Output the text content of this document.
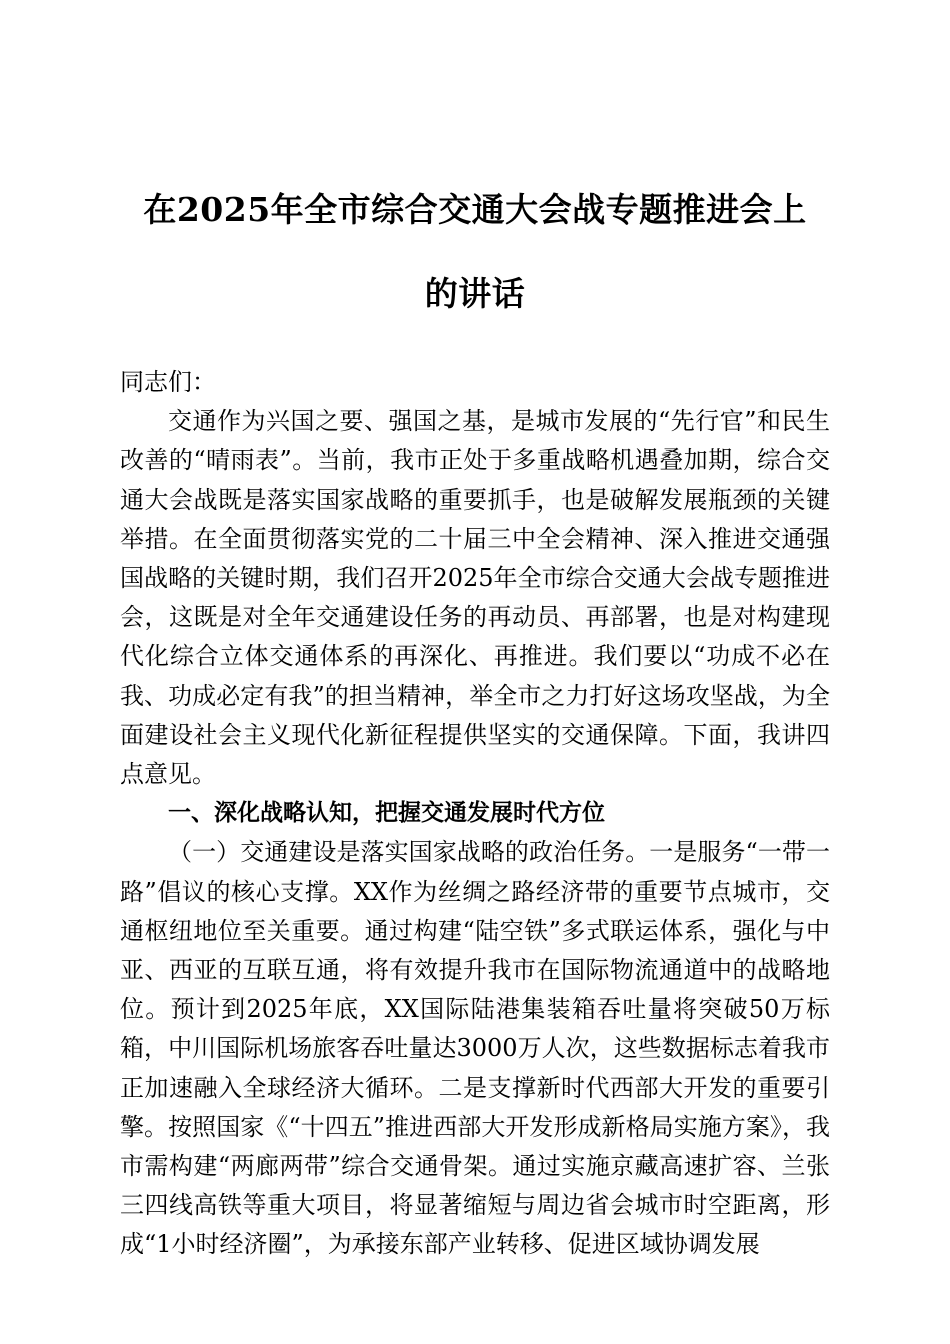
在2025年全市综合交通大会战专题推进会上
的讲话

同志们：

交通作为兴国之要、强国之基，是城市发展的“先行官”和民生改善的“晴雨表”。当前，我市正处于多重战略机遇叠加期，综合交通大会战既是落实国家战略的重要抓手，也是破解发展瓶颈的关键举措。在全面贯彻落实党的二十届三中全会精神、深入推进交通强国战略的关键时期，我们召开2025年全市综合交通大会战专题推进会，这既是对全年交通建设任务的再动员、再部署，也是对构建现代化综合立体交通体系的再深化、再推进。我们要以“功成不必在我、功成必定有我”的担当精神，举全市之力打好这场攻坚战，为全面建设社会主义现代化新征程提供坚实的交通保障。下面，我讲四点意见。

一、深化战略认知，把握交通发展时代方位

（一）交通建设是落实国家战略的政治任务。一是服务“一带一路”倡议的核心支撑。XX作为丝绸之路经济带的重要节点城市，交通枢纽地位至关重要。通过构建“陆空铁”多式联运体系，强化与中亚、西亚的互联互通，将有效提升我市在国际物流通道中的战略地位。预计到2025年底，XX国际陆港集装箱吞吐量将突破50万标箱，中川国际机场旅客吞吐量达3000万人次，这些数据标志着我市正加速融入全球经济大循环。二是支撑新时代西部大开发的重要引擎。按照国家《“十四五”推进西部大开发形成新格局实施方案》，我市需构建“两廊两带”综合交通骨架。通过实施京藏高速扩容、兰张三四线高铁等重大项目，将显著缩短与周边省会城市时空距离，形成“1小时经济圈”，为承接东部产业转移、促进区域协调发展
